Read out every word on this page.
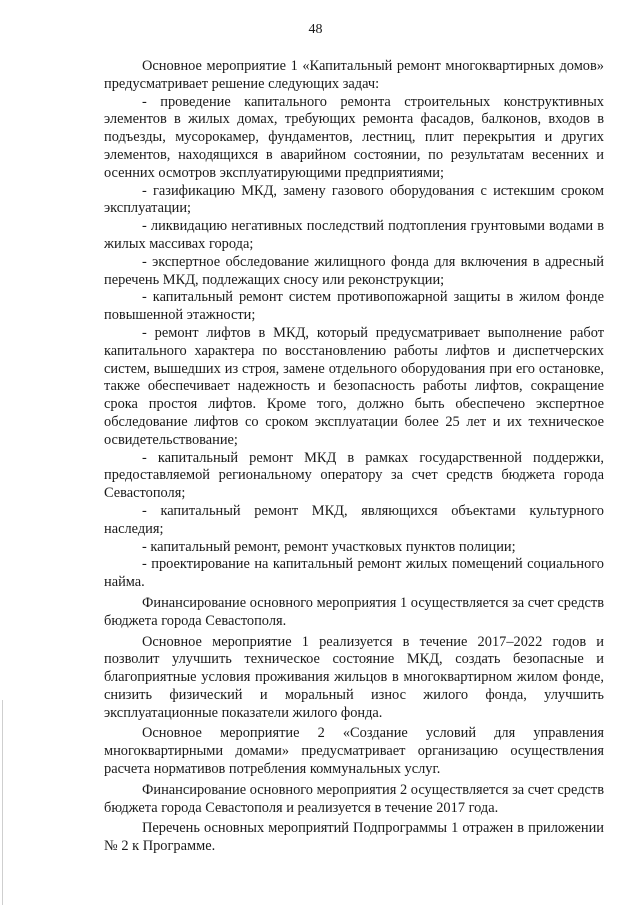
48

Основное мероприятие 1 «Капитальный ремонт многоквартирных домов» предусматривает решение следующих задач:

- проведение капитального ремонта строительных конструктивных элементов в жилых домах, требующих ремонта фасадов, балконов, входов в подъезды, мусорокамер, фундаментов, лестниц, плит перекрытия и других элементов, находящихся в аварийном состоянии, по результатам весенних и осенних осмотров эксплуатирующими предприятиями;

- газификацию МКД, замену газового оборудования с истекшим сроком эксплуатации;

- ликвидацию негативных последствий подтопления грунтовыми водами в жилых массивах города;

- экспертное обследование жилищного фонда для включения в адресный перечень МКД, подлежащих сносу или реконструкции;

- капитальный ремонт систем противопожарной защиты в жилом фонде повышенной этажности;

- ремонт лифтов в МКД, который предусматривает выполнение работ капитального характера по восстановлению работы лифтов и диспетчерских систем, вышедших из строя, замене отдельного оборудования при его остановке, также обеспечивает надежность и безопасность работы лифтов, сокращение срока простоя лифтов. Кроме того, должно быть обеспечено экспертное обследование лифтов со сроком эксплуатации более 25 лет и их техническое освидетельствование;

- капитальный ремонт МКД в рамках государственной поддержки, предоставляемой региональному оператору за счет средств бюджета города Севастополя;

- капитальный ремонт МКД, являющихся объектами культурного наследия;

- капитальный ремонт, ремонт участковых пунктов полиции;

- проектирование на капитальный ремонт жилых помещений социального найма.

Финансирование основного мероприятия 1 осуществляется за счет средств бюджета города Севастополя.

Основное мероприятие 1 реализуется в течение 2017–2022 годов и позволит улучшить техническое состояние МКД, создать безопасные и благоприятные условия проживания жильцов в многоквартирном жилом фонде, снизить физический и моральный износ жилого фонда, улучшить эксплуатационные показатели жилого фонда.

Основное мероприятие 2 «Создание условий для управления многоквартирными домами» предусматривает организацию осуществления расчета нормативов потребления коммунальных услуг.

Финансирование основного мероприятия 2 осуществляется за счет средств бюджета города Севастополя и реализуется в течение 2017 года.

Перечень основных мероприятий Подпрограммы 1 отражен в приложении № 2 к Программе.
